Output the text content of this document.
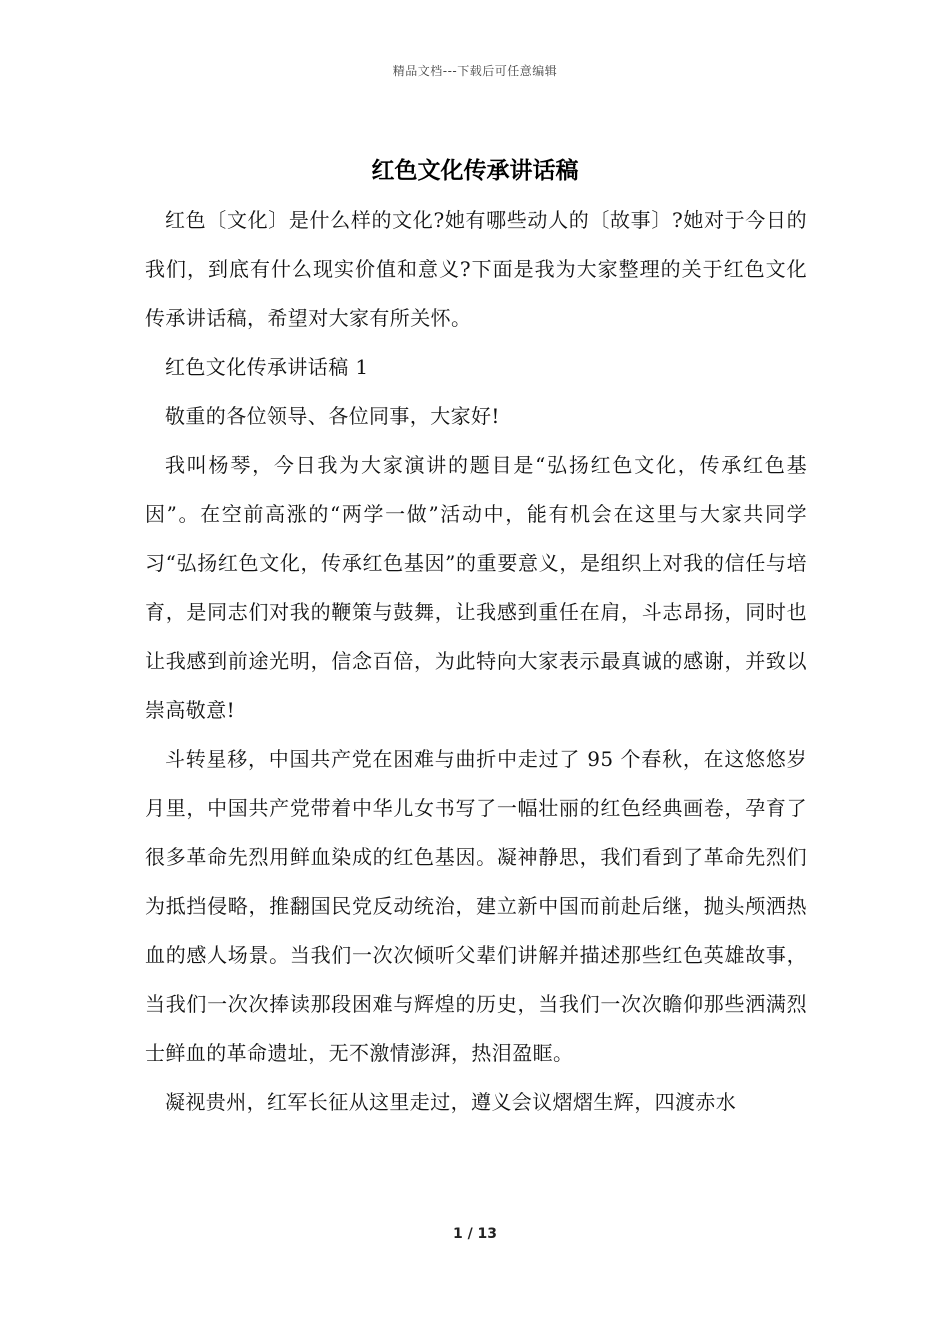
精品文档---下载后可任意编辑
红色文化传承讲话稿

红色〔文化〕是什么样的文化?她有哪些动人的〔故事〕?她对于今日的我们，到底有什么现实价值和意义?下面是我为大家整理的关于红色文化传承讲话稿，希望对大家有所关怀。

红色文化传承讲话稿 1

敬重的各位领导、各位同事，大家好!

我叫杨琴，今日我为大家演讲的题目是“弘扬红色文化，传承红色基因”。在空前高涨的“两学一做”活动中，能有机会在这里与大家共同学习“弘扬红色文化，传承红色基因”的重要意义，是组织上对我的信任与培育，是同志们对我的鞭策与鼓舞，让我感到重任在肩，斗志昂扬，同时也让我感到前途光明，信念百倍，为此特向大家表示最真诚的感谢，并致以崇高敬意!

斗转星移，中国共产党在困难与曲折中走过了 95 个春秋，在这悠悠岁月里，中国共产党带着中华儿女书写了一幅壮丽的红色经典画卷，孕育了很多革命先烈用鲜血染成的红色基因。凝神静思，我们看到了革命先烈们为抵挡侵略，推翻国民党反动统治，建立新中国而前赴后继，抛头颅洒热血的感人场景。当我们一次次倾听父辈们讲解并描述那些红色英雄故事，当我们一次次捧读那段困难与辉煌的历史，当我们一次次瞻仰那些洒满烈士鲜血的革命遗址，无不激情澎湃，热泪盈眶。

凝视贵州，红军长征从这里走过，遵义会议熠熠生辉，四渡赤水

1 / 13
